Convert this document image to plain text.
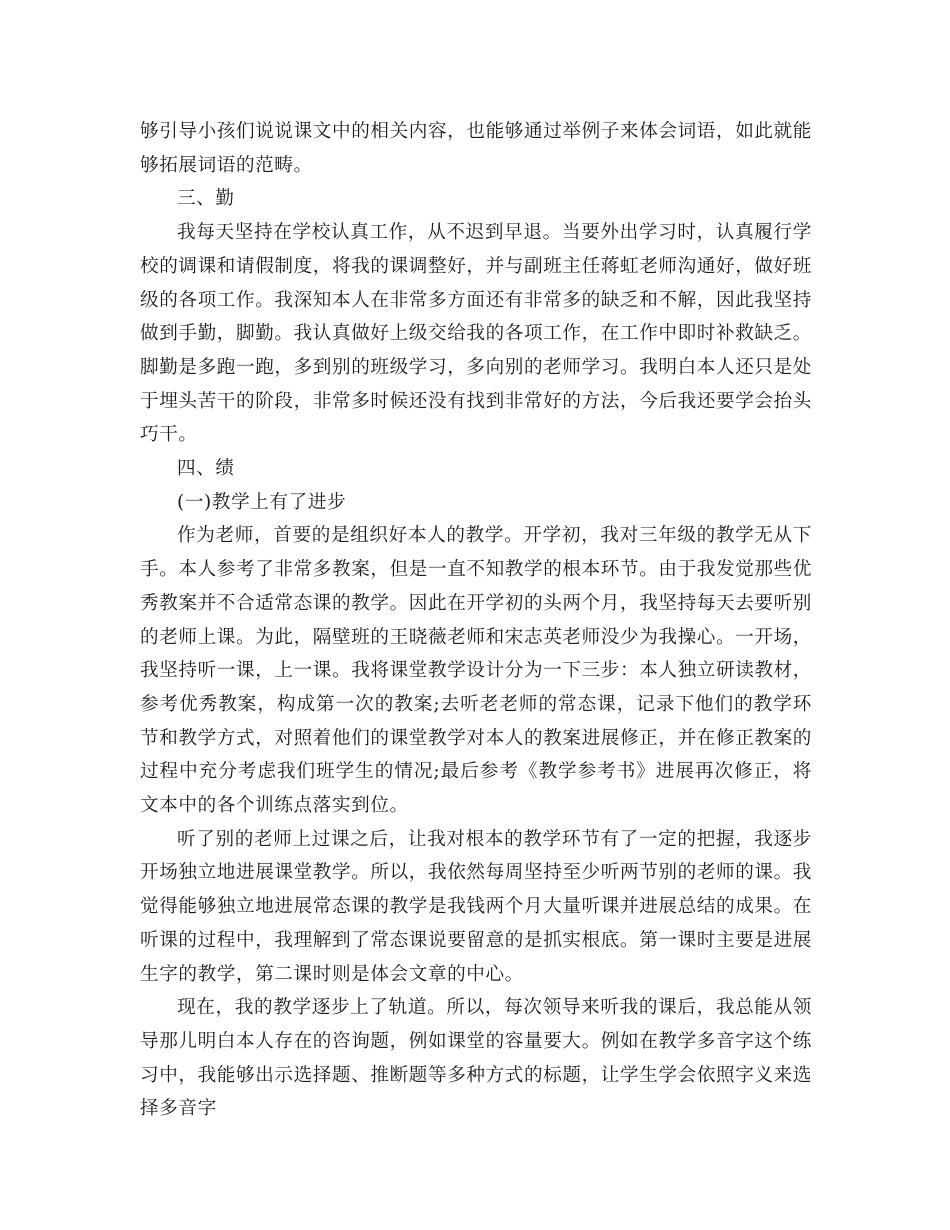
够引导小孩们说说课文中的相关内容，也能够通过举例子来体会词语，如此就能够拓展词语的范畴。

三、勤

我每天坚持在学校认真工作，从不迟到早退。当要外出学习时，认真履行学校的调课和请假制度，将我的课调整好，并与副班主任蒋虹老师沟通好，做好班级的各项工作。我深知本人在非常多方面还有非常多的缺乏和不解，因此我坚持做到手勤，脚勤。我认真做好上级交给我的各项工作，在工作中即时补救缺乏。脚勤是多跑一跑，多到别的班级学习，多向别的老师学习。我明白本人还只是处于埋头苦干的阶段，非常多时候还没有找到非常好的方法，今后我还要学会抬头巧干。

四、绩

(一)教学上有了进步

作为老师，首要的是组织好本人的教学。开学初，我对三年级的教学无从下手。本人参考了非常多教案，但是一直不知教学的根本环节。由于我发觉那些优秀教案并不合适常态课的教学。因此在开学初的头两个月，我坚持每天去要听别的老师上课。为此，隔壁班的王晓薇老师和宋志英老师没少为我操心。一开场，我坚持听一课，上一课。我将课堂教学设计分为一下三步：本人独立研读教材，参考优秀教案，构成第一次的教案;去听老老师的常态课，记录下他们的教学环节和教学方式，对照着他们的课堂教学对本人的教案进展修正，并在修正教案的过程中充分考虑我们班学生的情况;最后参考《教学参考书》进展再次修正，将文本中的各个训练点落实到位。

听了别的老师上过课之后，让我对根本的教学环节有了一定的把握，我逐步开场独立地进展课堂教学。所以，我依然每周坚持至少听两节别的老师的课。我觉得能够独立地进展常态课的教学是我钱两个月大量听课并进展总结的成果。在听课的过程中，我理解到了常态课说要留意的是抓实根底。第一课时主要是进展生字的教学，第二课时则是体会文章的中心。

现在，我的教学逐步上了轨道。所以，每次领导来听我的课后，我总能从领导那儿明白本人存在的咨询题，例如课堂的容量要大。例如在教学多音字这个练习中，我能够出示选择题、推断题等多种方式的标题，让学生学会依照字义来选择多音字
